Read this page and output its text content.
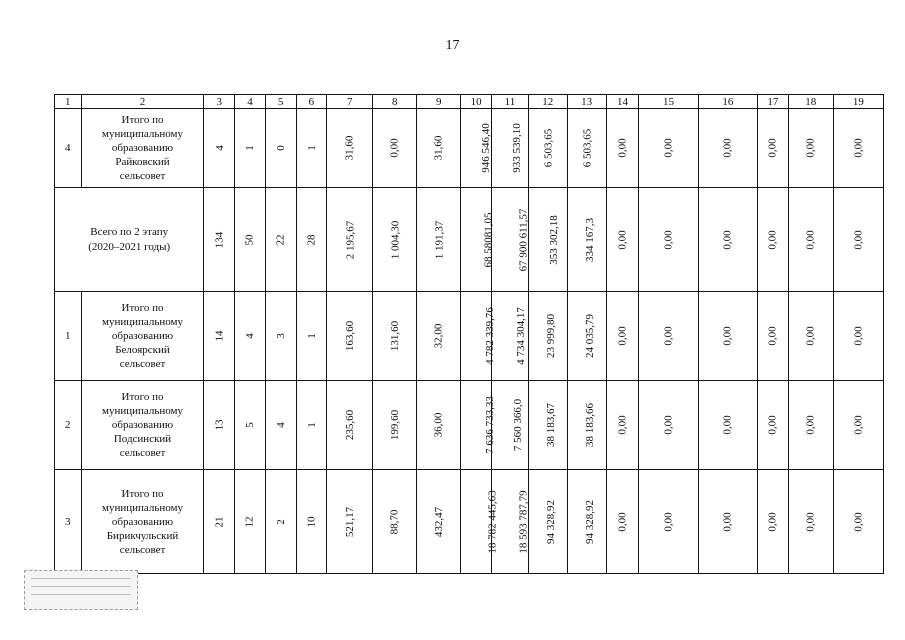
17
1	2	3	4	5	6	7	8	9	10	11	12	13	14	15	16	17	18	19
4	Итого по
муниципальному
образованию
Райковский
сельсовет	4	1	0	1	31,60	0,00	31,60	946 546,40	933 539,10	6 503,65	6 503,65	0,00	0,00	0,00	0,00	0,00	0,00

Всего по 2 этапу
(2020–2021 годы)		134	50	22	28	2 195,67	1 004,30	1 191,37	68 58081,05	67 900 611,57	353 302,18	334 167,3	0,00	0,00	0,00	0,00	0,00	0,00
1	Итого по
муниципальному
образованию
Белоярский
сельсовет	14	4	3	1	163,60	131,60	32,00	4 782 339,76	4 734 304,17	23 999,80	24 035,79	0,00	0,00	0,00	0,00	0,00	0,00
2	Итого по
муниципальному
образованию
Подсинский
сельсовет	13	5	4	1	235,60	199,60	36,00	7 636 733,33	7 560 366,0	38 183,67	38 183,66	0,00	0,00	0,00	0,00	0,00	0,00
3	Итого по
муниципальному
образованию
Бирикчульский
сельсовет	21	12	2	10	521,17	88,70	432,47	18 782 445,63	18 593 787,79	94 328,92	94 328,92	0,00	0,00	0,00	0,00	0,00	0,00
